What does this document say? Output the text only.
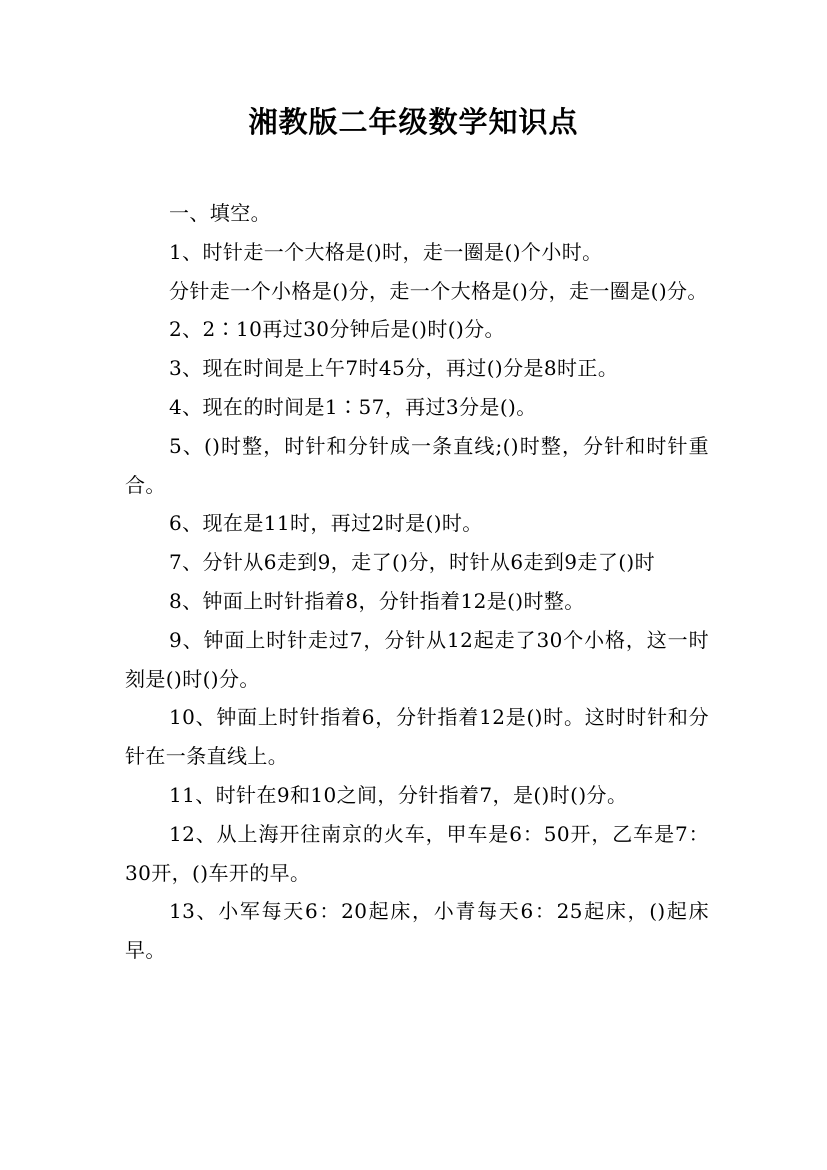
湘教版二年级数学知识点

一、填空。

1、时针走一个大格是()时，走一圈是()个小时。

分针走一个小格是()分，走一个大格是()分，走一圈是()分。

2、2∶10再过30分钟后是()时()分。

3、现在时间是上午7时45分，再过()分是8时正。

4、现在的时间是1∶57，再过3分是()。

5、()时整，时针和分针成一条直线;()时整，分针和时针重合。

6、现在是11时，再过2时是()时。

7、分针从6走到9，走了()分，时针从6走到9走了()时

8、钟面上时针指着8，分针指着12是()时整。

9、钟面上时针走过7，分针从12起走了30个小格，这一时刻是()时()分。

10、钟面上时针指着6，分针指着12是()时。这时时针和分针在一条直线上。

11、时针在9和10之间，分针指着7，是()时()分。

12、从上海开往南京的火车，甲车是6：50开，乙车是7：30开，()车开的早。

13、小军每天6：20起床，小青每天6：25起床，()起床早。
